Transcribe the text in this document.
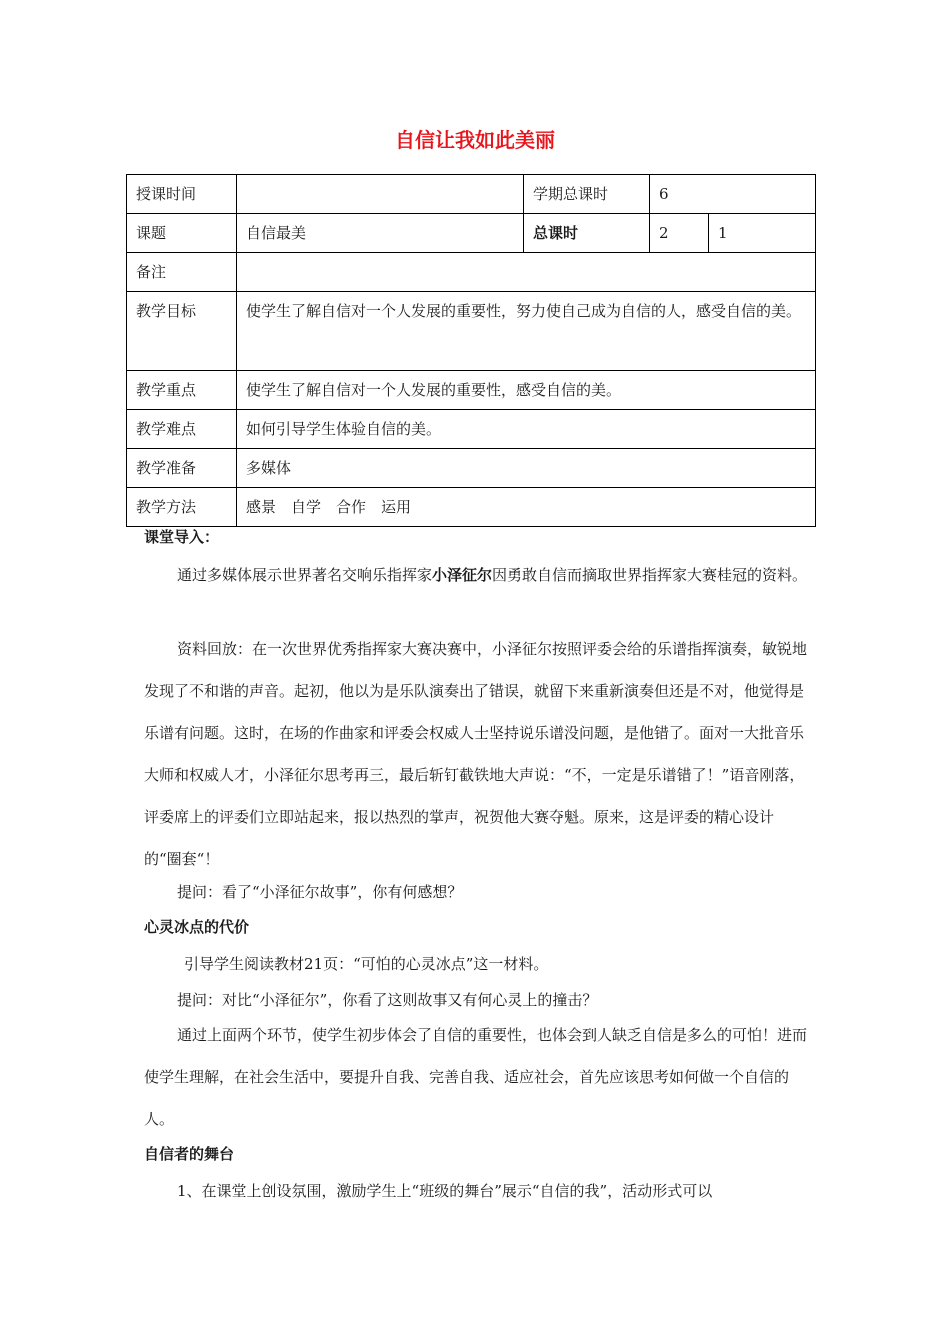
自信让我如此美丽
授课时间		学期总课时	6	
课题	自信最美	总课时	2	1
备注				
教学目标	使学生了解自信对一个人发展的重要性，努力使自己成为自信的人，感受自信的美。			
教学重点	使学生了解自信对一个人发展的重要性，感受自信的美。			
教学难点	如何引导学生体验自信的美。			
教学准备	多媒体			
教学方法	感景　自学　合作　运用			
课堂导入：
通过多媒体展示世界著名交响乐指挥家小泽征尔因勇敢自信而摘取世界指挥家大赛桂冠的资料。
资料回放：在一次世界优秀指挥家大赛决赛中，小泽征尔按照评委会给的乐谱指挥演奏，敏锐地发现了不和谐的声音。起初，他以为是乐队演奏出了错误，就留下来重新演奏但还是不对，他觉得是乐谱有问题。这时，在场的作曲家和评委会权威人士坚持说乐谱没问题，是他错了。面对一大批音乐大师和权威人才，小泽征尔思考再三，最后斩钉截铁地大声说：“不，一定是乐谱错了！”语音刚落，评委席上的评委们立即站起来，报以热烈的掌声，祝贺他大赛夺魁。原来，这是评委的精心设计的“圈套“！
提问：看了“小泽征尔故事”，你有何感想？
心灵冰点的代价
引导学生阅读教材21页：“可怕的心灵冰点”这一材料。
提问：对比“小泽征尔”，你看了这则故事又有何心灵上的撞击？
通过上面两个环节，使学生初步体会了自信的重要性，也体会到人缺乏自信是多么的可怕！进而使学生理解，在社会生活中，要提升自我、完善自我、适应社会，首先应该思考如何做一个自信的人。
自信者的舞台
1、在课堂上创设氛围，激励学生上“班级的舞台”展示“自信的我”，活动形式可以
